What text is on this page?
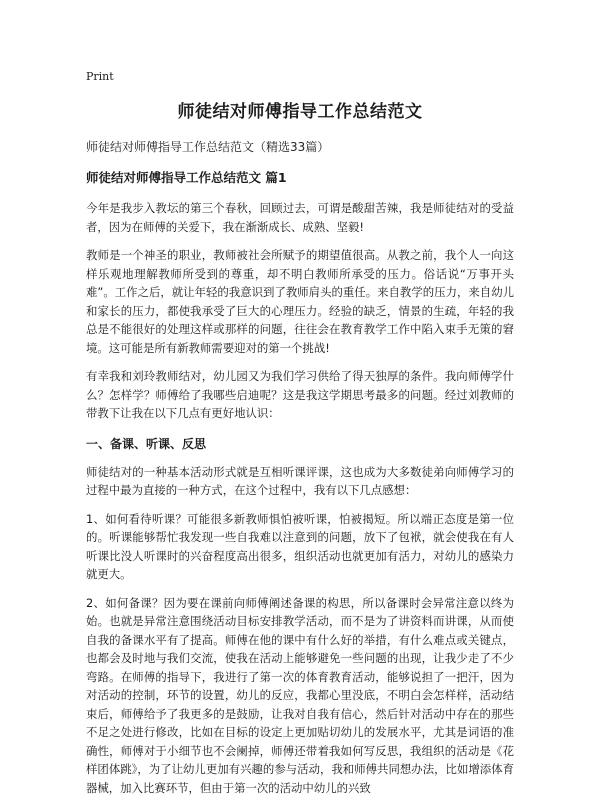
Print
师徒结对师傅指导工作总结范文

师徒结对师傅指导工作总结范文（精选33篇）

师徒结对师傅指导工作总结范文 篇1

今年是我步入教坛的第三个春秋，回顾过去，可谓是酸甜苦辣，我是师徒结对的受益者，因为在师傅的关爱下，我在渐渐成长、成熟、坚毅!

教师是一个神圣的职业，教师被社会所赋予的期望值很高。从教之前，我个人一向这样乐观地理解教师所受到的尊重，却不明白教师所承受的压力。俗话说“万事开头难”。工作之后，就让年轻的我意识到了教师肩头的重任。来自教学的压力，来自幼儿和家长的压力，都使我承受了巨大的心理压力。经验的缺乏，情景的生疏，年轻的我总是不能很好的处理这样或那样的问题，往往会在教育教学工作中陷入束手无策的窘境。这可能是所有新教师需要迎对的第一个挑战!

有幸我和刘玲教师结对，幼儿园又为我们学习供给了得天独厚的条件。我向师傅学什么？怎样学？师傅给了我哪些启迪呢？这是我这学期思考最多的问题。经过刘教师的带教下让我在以下几点有更好地认识：

一、备课、听课、反思

师徒结对的一种基本活动形式就是互相听课评课，这也成为大多数徒弟向师傅学习的过程中最为直接的一种方式，在这个过程中，我有以下几点感想：

1、如何看待听课？可能很多新教师惧怕被听课，怕被揭短。所以端正态度是第一位的。听课能够帮忙我发现一些自我难以注意到的问题，放下了包袱，就会使我在有人听课比没人听课时的兴奋程度高出很多，组织活动也就更加有活力，对幼儿的感染力就更大。

2、如何备课？因为要在课前向师傅阐述备课的构思，所以备课时会异常注意以终为始。也就是异常注意围绕活动目标安排教学活动，而不是为了讲资料而讲课，从而使自我的备课水平有了提高。师傅在他的课中有什么好的举措，有什么难点或关键点，也都会及时地与我们交流，使我在活动上能够避免一些问题的出现，让我少走了不少弯路。在师傅的指导下，我进行了第一次的体育教育活动，能够说担了一把汗，因为对活动的控制，环节的设置，幼儿的反应，我都心里没底，不明白会怎样样，活动结束后，师傅给予了我更多的是鼓励，让我对自我有信心，然后针对活动中存在的那些不足之处进行修改，比如在目标的设定上更加贴切幼儿的发展水平，尤其是词语的准确性，师傅对于小细节也不会阑掉，师傅还带着我如何写反思，我组织的活动是《花样团体跳》，为了让幼儿更加有兴趣的参与活动，我和师傅共同想办法，比如增添体育器械，加入比赛环节，但由于第一次的活动中幼儿的兴致
